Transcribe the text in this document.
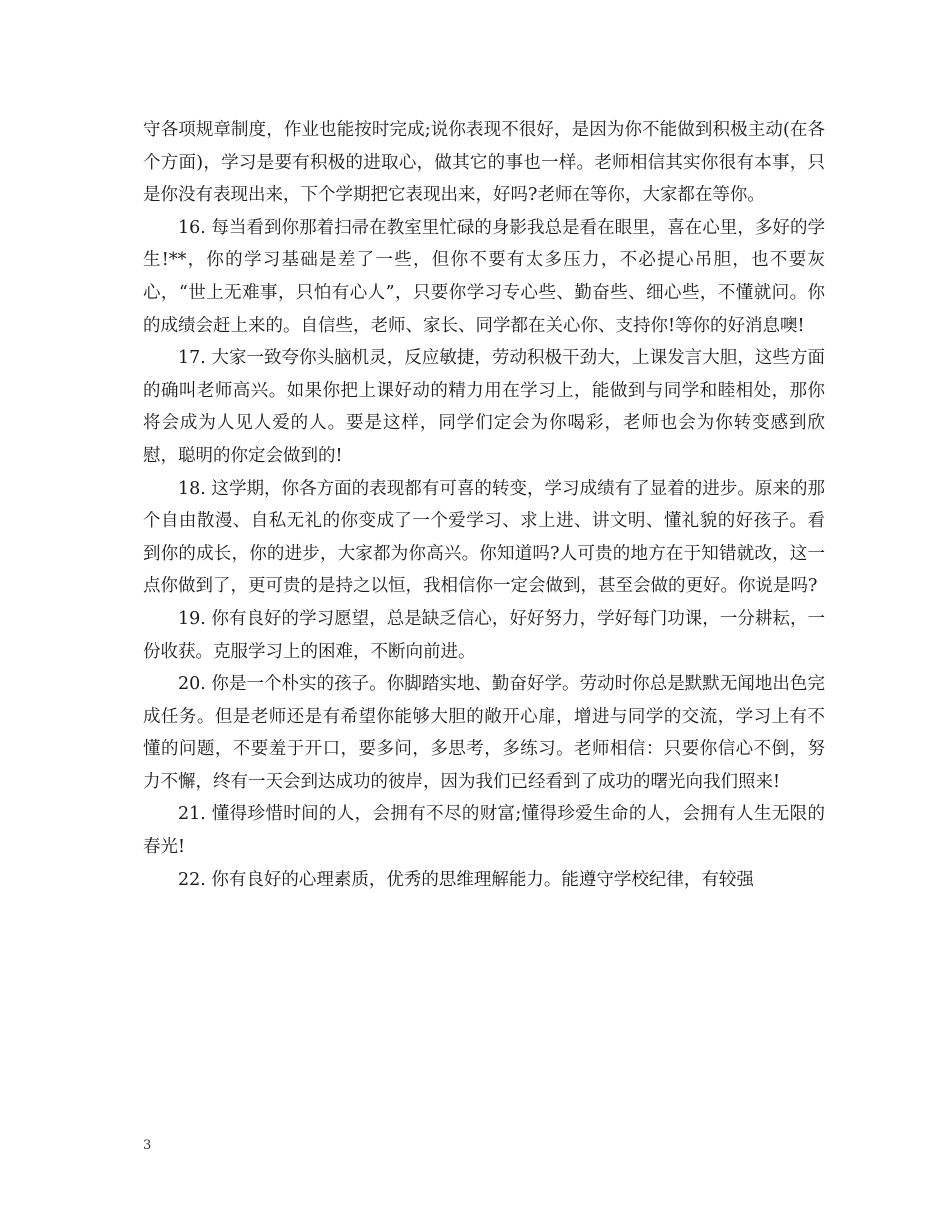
守各项规章制度，作业也能按时完成;说你表现不很好，是因为你不能做到积极主动(在各个方面)，学习是要有积极的进取心，做其它的事也一样。老师相信其实你很有本事，只是你没有表现出来，下个学期把它表现出来，好吗?老师在等你，大家都在等你。

16. 每当看到你那着扫帚在教室里忙碌的身影我总是看在眼里，喜在心里，多好的学生!**，你的学习基础是差了一些，但你不要有太多压力，不必提心吊胆，也不要灰心，“世上无难事，只怕有心人”，只要你学习专心些、勤奋些、细心些，不懂就问。你的成绩会赶上来的。自信些，老师、家长、同学都在关心你、支持你!等你的好消息噢!

17. 大家一致夸你头脑机灵，反应敏捷，劳动积极干劲大，上课发言大胆，这些方面的确叫老师高兴。如果你把上课好动的精力用在学习上，能做到与同学和睦相处，那你将会成为人见人爱的人。要是这样，同学们定会为你喝彩，老师也会为你转变感到欣慰，聪明的你定会做到的!

18. 这学期，你各方面的表现都有可喜的转变，学习成绩有了显着的进步。原来的那个自由散漫、自私无礼的你变成了一个爱学习、求上进、讲文明、懂礼貌的好孩子。看到你的成长，你的进步，大家都为你高兴。你知道吗?人可贵的地方在于知错就改，这一点你做到了，更可贵的是持之以恒，我相信你一定会做到，甚至会做的更好。你说是吗?

19. 你有良好的学习愿望，总是缺乏信心，好好努力，学好每门功课，一分耕耘，一份收获。克服学习上的困难，不断向前进。

20. 你是一个朴实的孩子。你脚踏实地、勤奋好学。劳动时你总是默默无闻地出色完成任务。但是老师还是有希望你能够大胆的敞开心扉，增进与同学的交流，学习上有不懂的问题，不要羞于开口，要多问，多思考，多练习。老师相信：只要你信心不倒，努力不懈，终有一天会到达成功的彼岸，因为我们已经看到了成功的曙光向我们照来!

21. 懂得珍惜时间的人，会拥有不尽的财富;懂得珍爱生命的人，会拥有人生无限的春光!

22. 你有良好的心理素质，优秀的思维理解能力。能遵守学校纪律，有较强

3
